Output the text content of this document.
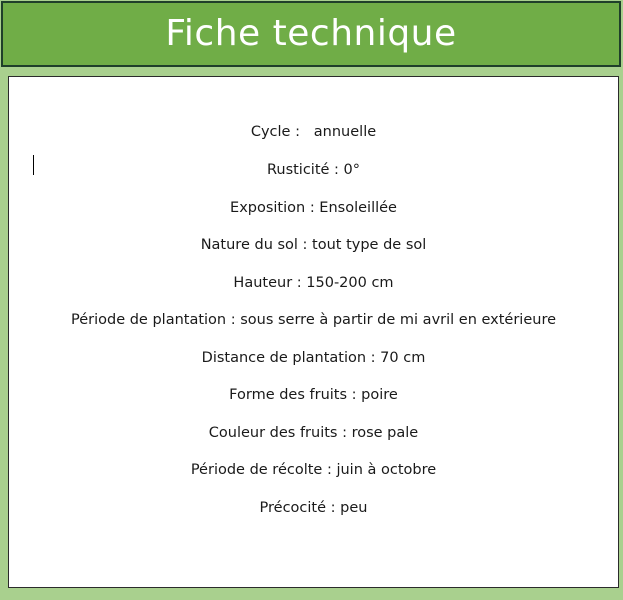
Fiche technique
Cycle :   annuelle
Rusticité : 0°
Exposition : Ensoleillée
Nature du sol : tout type de sol
Hauteur : 150-200 cm
Période de plantation : sous serre à partir de mi avril en extérieure
Distance de plantation : 70 cm
Forme des fruits : poire
Couleur des fruits : rose pale
Période de récolte : juin à octobre
Précocité : peu
